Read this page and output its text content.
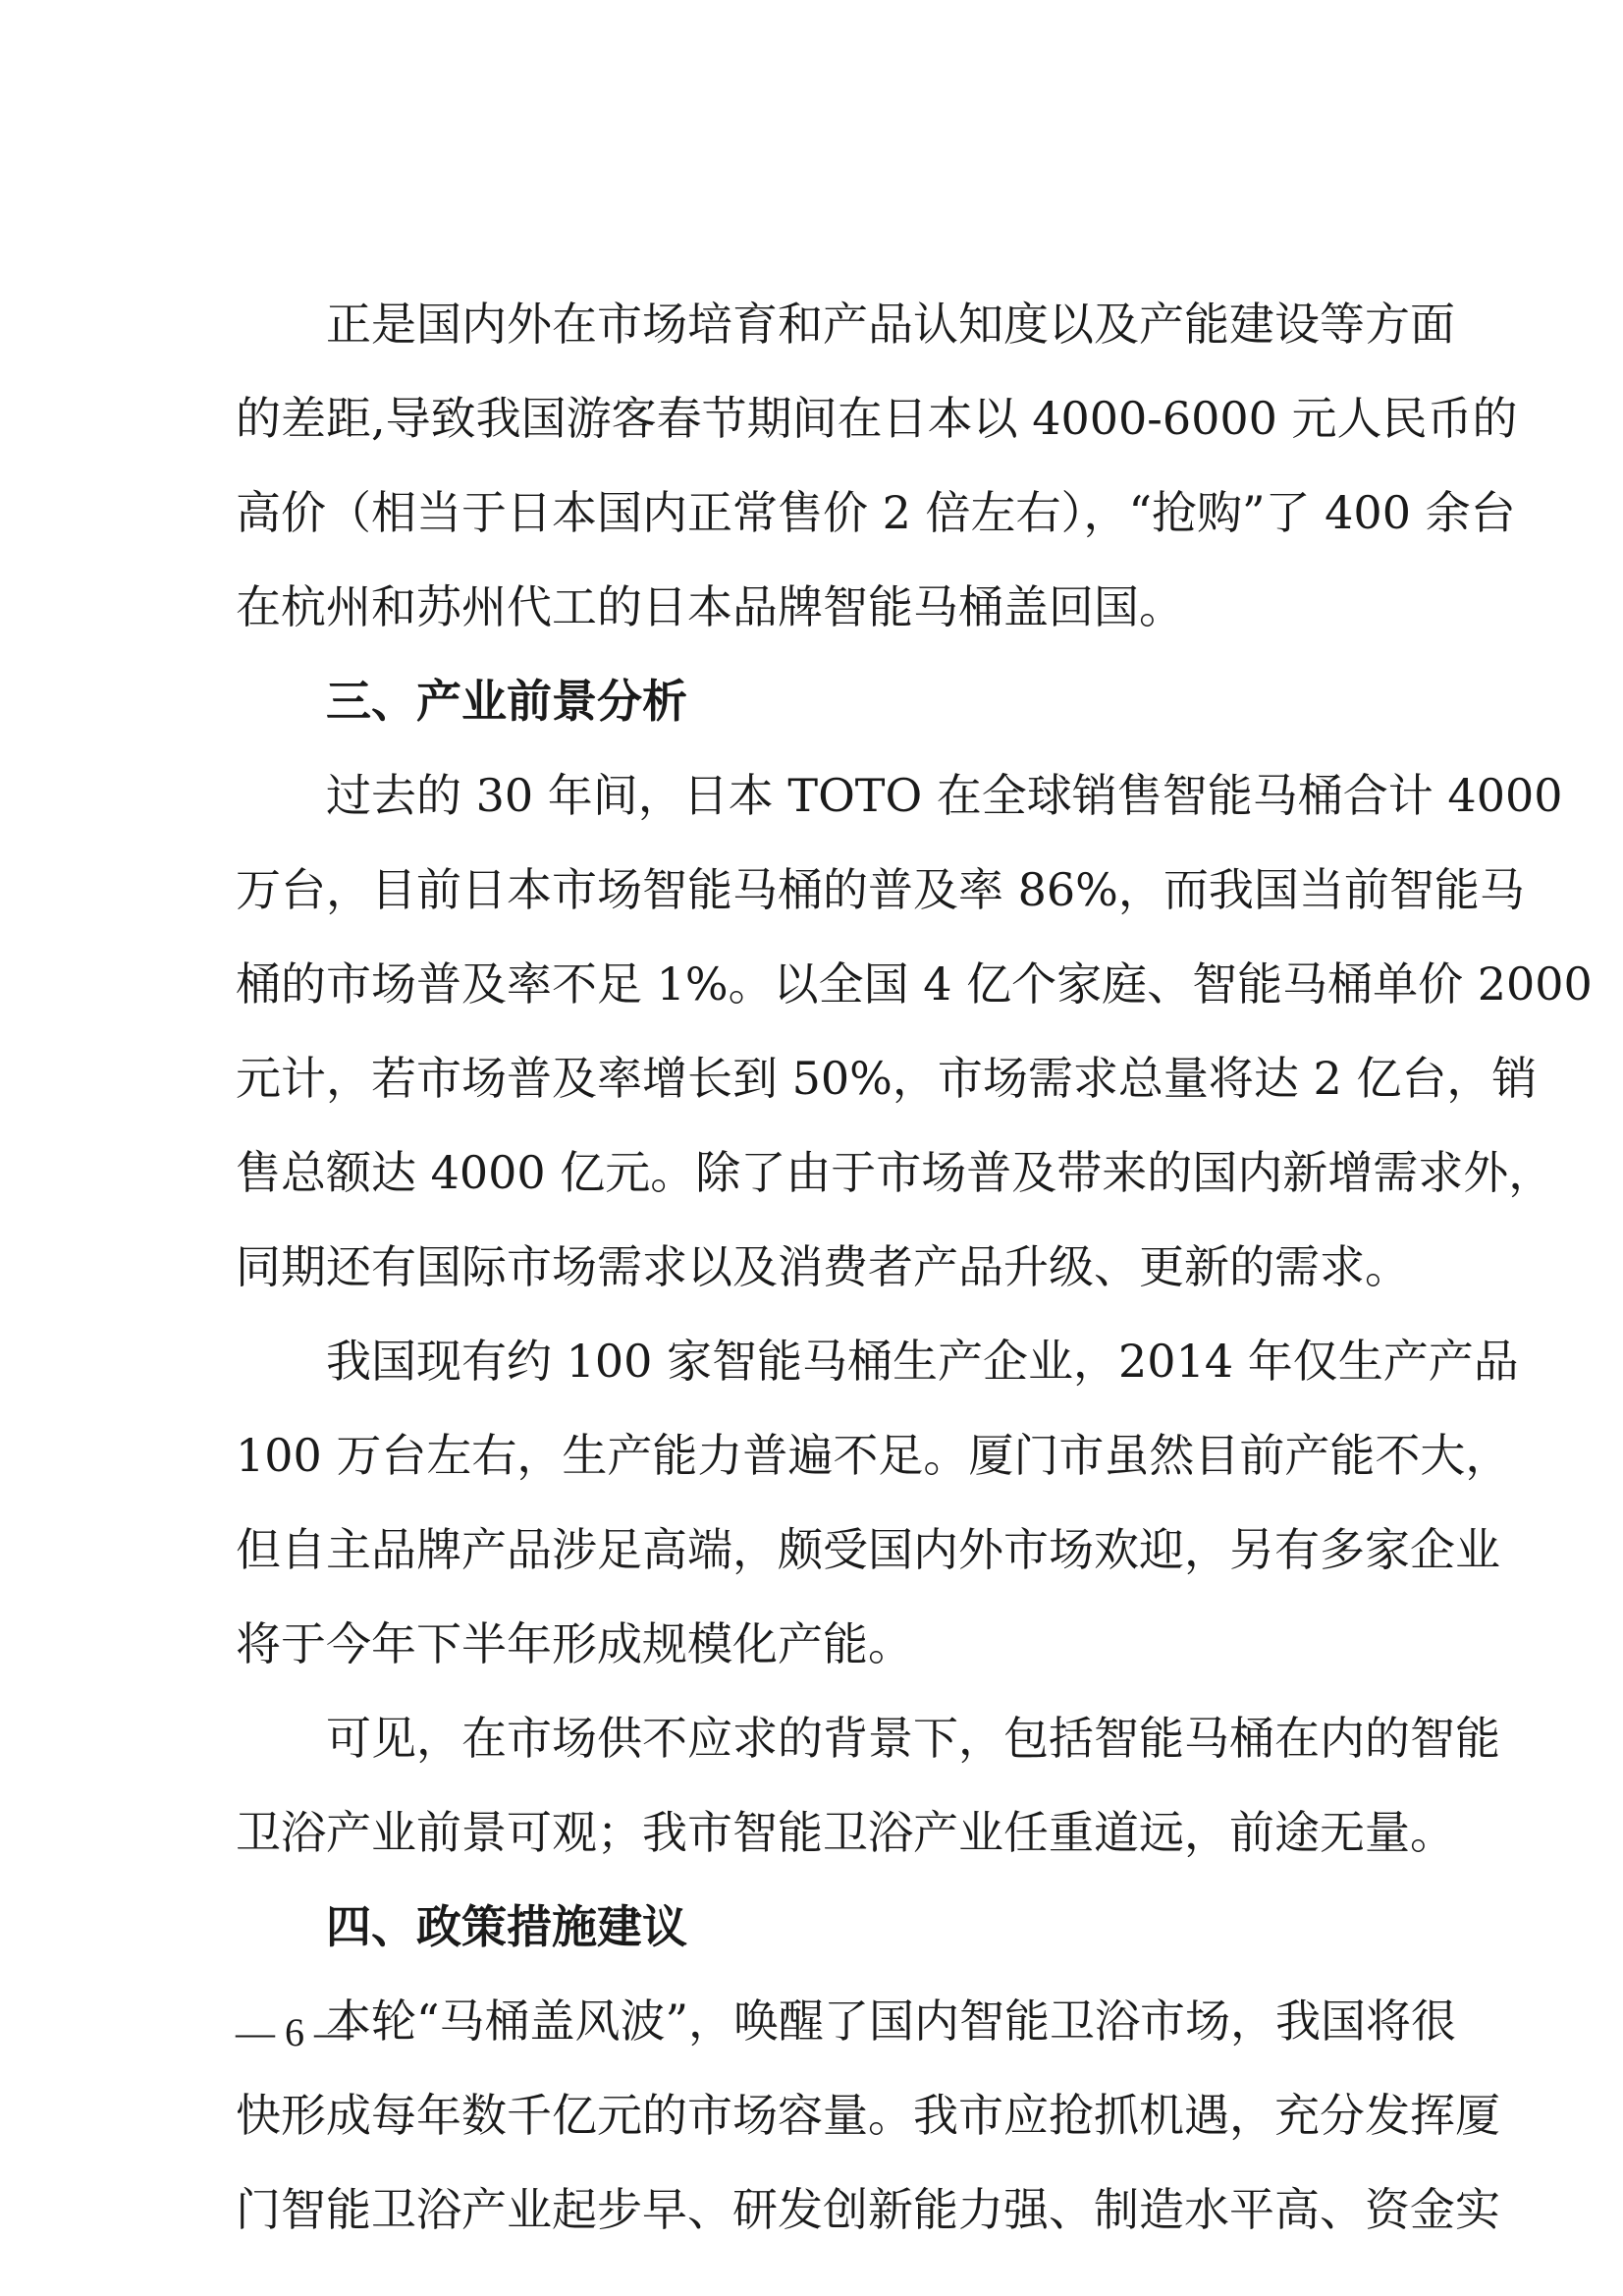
正是国内外在市场培育和产品认知度以及产能建设等方面
的差距,导致我国游客春节期间在日本以 4000-6000 元人民币的
高价（相当于日本国内正常售价 2 倍左右），“抢购”了 400 余台
在杭州和苏州代工的日本品牌智能马桶盖回国。
三、产业前景分析
过去的 30 年间，日本 TOTO 在全球销售智能马桶合计 4000
万台，目前日本市场智能马桶的普及率 86%，而我国当前智能马
桶的市场普及率不足 1%。以全国 4 亿个家庭、智能马桶单价 2000
元计，若市场普及率增长到 50%，市场需求总量将达 2 亿台，销
售总额达 4000 亿元。除了由于市场普及带来的国内新增需求外，
同期还有国际市场需求以及消费者产品升级、更新的需求。
我国现有约 100 家智能马桶生产企业，2014 年仅生产产品
100 万台左右，生产能力普遍不足。厦门市虽然目前产能不大，
但自主品牌产品涉足高端，颇受国内外市场欢迎，另有多家企业
将于今年下半年形成规模化产能。
可见，在市场供不应求的背景下，包括智能马桶在内的智能
卫浴产业前景可观；我市智能卫浴产业任重道远，前途无量。
四、政策措施建议
本轮“马桶盖风波”，唤醒了国内智能卫浴市场，我国将很
快形成每年数千亿元的市场容量。我市应抢抓机遇，充分发挥厦
门智能卫浴产业起步早、研发创新能力强、制造水平高、资金实
— 6 —
